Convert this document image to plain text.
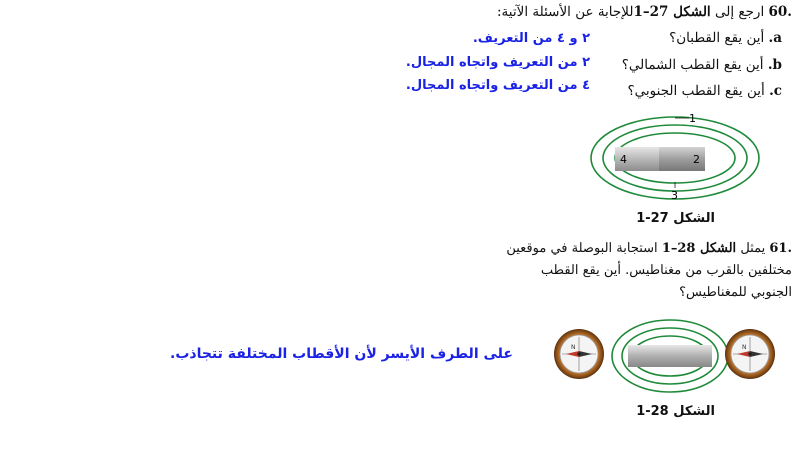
.60 ارجع إلى الشكل 27–1للإجابة عن الأسئلة الآتية:
a. أين يقع القطبان؟
b. أين يقع القطب الشمالي؟
c. أين يقع القطب الجنوبي؟
٢ و ٤ من التعريف.
٢ من التعريف واتجاه المجال.
٤ من التعريف واتجاه المجال.
1
2
3
4
الشكل 27-1
.61 يمثل الشكل 28–1 استجابة البوصلة في موقعين
مختلفين بالقرب من مغناطيس. أين يقع القطب
الجنوبي للمغناطيس؟
على الطرف الأيسر لأن الأقطاب المختلفة تتجاذب.	N	N
الشكل 28-1
